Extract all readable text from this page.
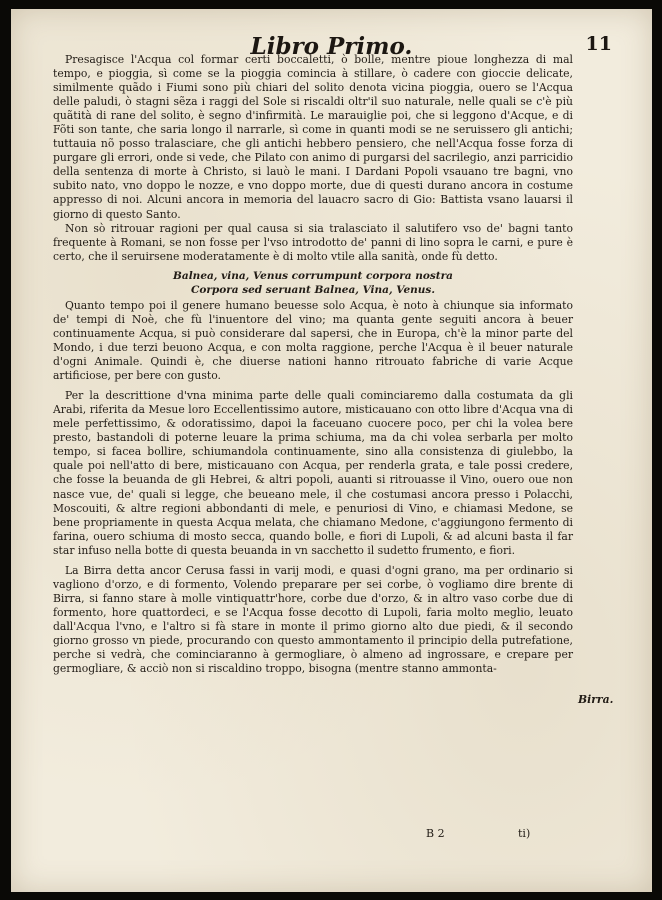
Libro Primo.	11

Presagisce l'Acqua col formar certi boccaletti, ò bolle, mentre pioue longhezza di mal tempo, e pioggia, sì come se la pioggia comincia à stillare, ò cadere con gioccie delicate, similmente quãdo i Fiumi sono più chiari del solito denota vicina pioggia, ouero se l'Acqua delle paludi, ò stagni sẽza i raggi del Sole si riscaldi oltr'il suo naturale, nelle quali se c'è più quãtità di rane del solito, è segno d'infirmità. Le marauiglie poi, che si leggono d'Acque, e di Fõti son tante, che saria longo il narrarle, sì come in quanti modi se ne seruissero gli antichi; tuttauia nõ posso tralasciare, che gli antichi hebbero pensiero, che nell'Acqua fosse forza di purgare gli errori, onde si vede, che Pilato con animo di purgarsi del sacrilegio, anzi parricidio della sentenza di morte à Christo, si lauò le mani. I Dardani Popoli vsauano tre bagni, vno subito nato, vno doppo le nozze, e vno doppo morte, due di questi durano ancora in costume appresso di noi. Alcuni ancora in memoria del lauacro sacro di Gio: Battista vsano lauarsi il giorno di questo Santo.

Non sò ritrouar ragioni per qual causa si sia tralasciato il salutifero vso de' bagni tanto frequente à Romani, se non fosse per l'vso introdotto de' panni di lino sopra le carni, e pure è certo, che il seruirsene moderatamente è di molto vtile alla sanità, onde fù detto.

Balnea, vina, Venus corrumpunt corpora nostra
Corpora sed seruant Balnea, Vina, Venus.

Quanto tempo poi il genere humano beuesse solo Acqua, è noto à chiunque sia informato de' tempi di Noè, che fù l'inuentore del vino; ma quanta gente seguiti ancora à beuer continuamente Acqua, si può considerare dal sapersi, che in Europa, ch'è la minor parte del Mondo, i due terzi beuono Acqua, e con molta raggione, perche l'Acqua è il beuer naturale d'ogni Animale. Quindi è, che diuerse nationi hanno ritrouato fabriche di varie Acque artificiose, per bere con gusto.

Per la descrittione d'vna minima parte delle quali cominciaremo dalla costumata da gli Arabi, riferita da Mesue loro Eccellentissimo autore, misticauano con otto libre d'Acqua vna di mele perfettissimo, & odoratissimo, dapoi la faceuano cuocere poco, per chi la volea bere presto, bastandoli di poterne leuare la prima schiuma, ma da chi volea serbarla per molto tempo, si facea bollire, schiumandola continuamente, sino alla consistenza di giulebbo, la quale poi nell'atto di bere, misticauano con Acqua, per renderla grata, e tale possi credere, che fosse la beuanda de gli Hebrei, & altri popoli, auanti si ritrouasse il Vino, ouero oue non nasce vue, de' quali si legge, che beueano mele, il che costumasi ancora presso i Polacchi, Moscouiti, & altre regioni abbondanti di mele, e penuriosi di Vino, e chiamasi Medone, se bene propriamente in questa Acqua melata, che chiamano Medone, c'aggiungono fermento di farina, ouero schiuma di mosto secca, quando bolle, e fiori di Lupoli, & ad alcuni basta il far star infuso nella botte di questa beuanda in vn sacchetto il sudetto frumento, e fiori.

La Birra detta ancor Cerusa fassi in varij modi, e quasi d'ogni grano, ma per ordinario si vagliono d'orzo, e di formento, Volendo preparare per sei corbe, ò vogliamo dire brente di Birra, si fanno stare à molle vintiquattr'hore, corbe due d'orzo, & in altro vaso corbe due di formento, hore quattordeci, e se l'Acqua fosse decotto di Lupoli, faria molto meglio, leuato dall'Acqua l'vno, e l'altro si fà stare in monte il primo giorno alto due piedi, & il secondo giorno grosso vn piede, procurando con questo ammontamento il principio della putrefatione, perche si vedrà, che cominciaranno à germogliare, ò almeno ad ingrossare, e crepare per germogliare, & acciò non si riscaldino troppo, bisogna (mentre stanno ammonta-

Birra.
B 2	ti)
